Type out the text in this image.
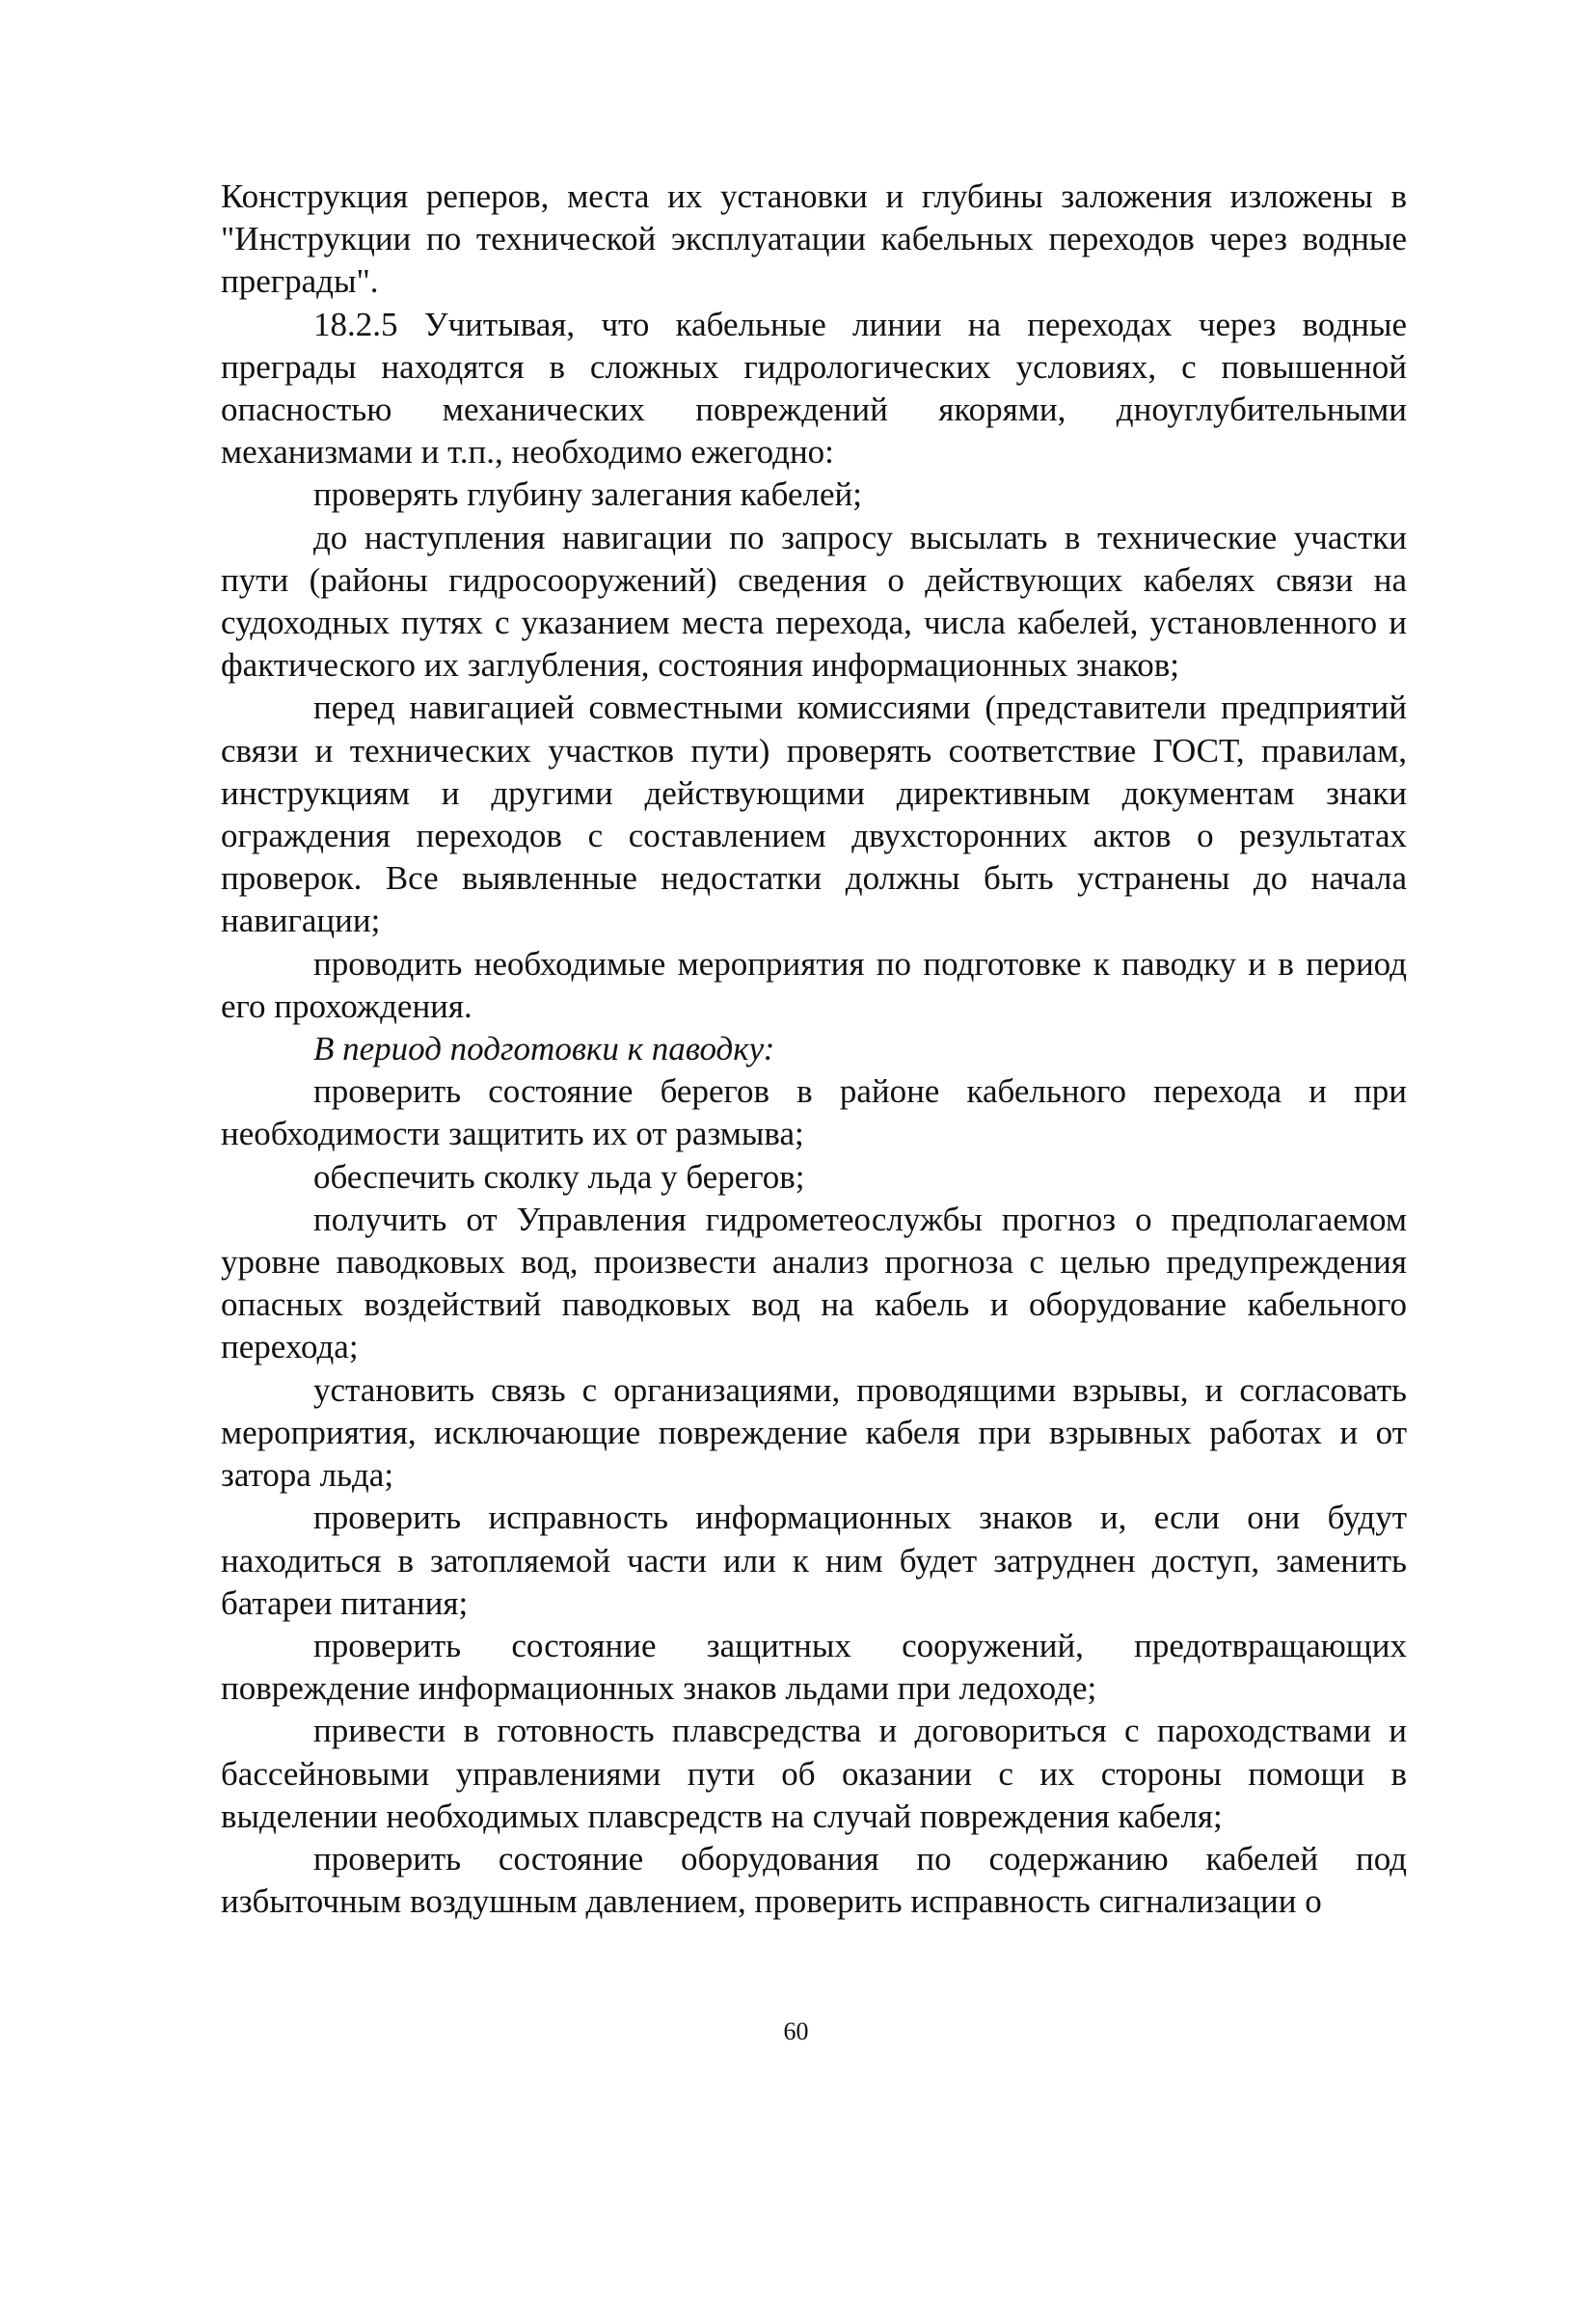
Конструкция реперов, места их установки и глубины заложения изложены в "Инструкции по технической эксплуатации кабельных переходов через водные преграды".

18.2.5 Учитывая, что кабельные линии на переходах через водные преграды находятся в сложных гидрологических условиях, с повышенной опасностью механических повреждений якорями, дноуглубительными механизмами и т.п., необходимо ежегодно:

проверять глубину залегания кабелей;

до наступления навигации по запросу высылать в технические участки пути (районы гидросооружений) сведения о действующих кабелях связи на судоходных путях с указанием места перехода, числа кабелей, установленного и фактического их заглубления, состояния информационных знаков;

перед навигацией совместными комиссиями (представители предприятий связи и технических участков пути) проверять соответствие ГОСТ, правилам, инструкциям и другими действующими директивным документам знаки ограждения переходов с составлением двухсторонних актов о результатах проверок. Все выявленные недостатки должны быть устранены до начала навигации;

проводить необходимые мероприятия по подготовке к паводку и в период его прохождения.

В период подготовки к паводку:

проверить состояние берегов в районе кабельного перехода и при необходимости защитить их от размыва;

обеспечить сколку льда у берегов;

получить от Управления гидрометеослужбы прогноз о предполагаемом уровне паводковых вод, произвести анализ прогноза с целью предупреждения опасных воздействий паводковых вод на кабель и оборудование кабельного перехода;

установить связь с организациями, проводящими взрывы, и согласовать мероприятия, исключающие повреждение кабеля при взрывных работах и от затора льда;

проверить исправность информационных знаков и, если они будут находиться в затопляемой части или к ним будет затруднен доступ, заменить батареи питания;

проверить состояние защитных сооружений, предотвращающих повреждение информационных знаков льдами при ледоходе;

привести в готовность плавсредства и договориться с пароходствами и бассейновыми управлениями пути об оказании с их стороны помощи в выделении необходимых плавсредств на случай повреждения кабеля;

проверить состояние оборудования по содержанию кабелей под избыточным воздушным давлением, проверить исправность сигнализации о

60
